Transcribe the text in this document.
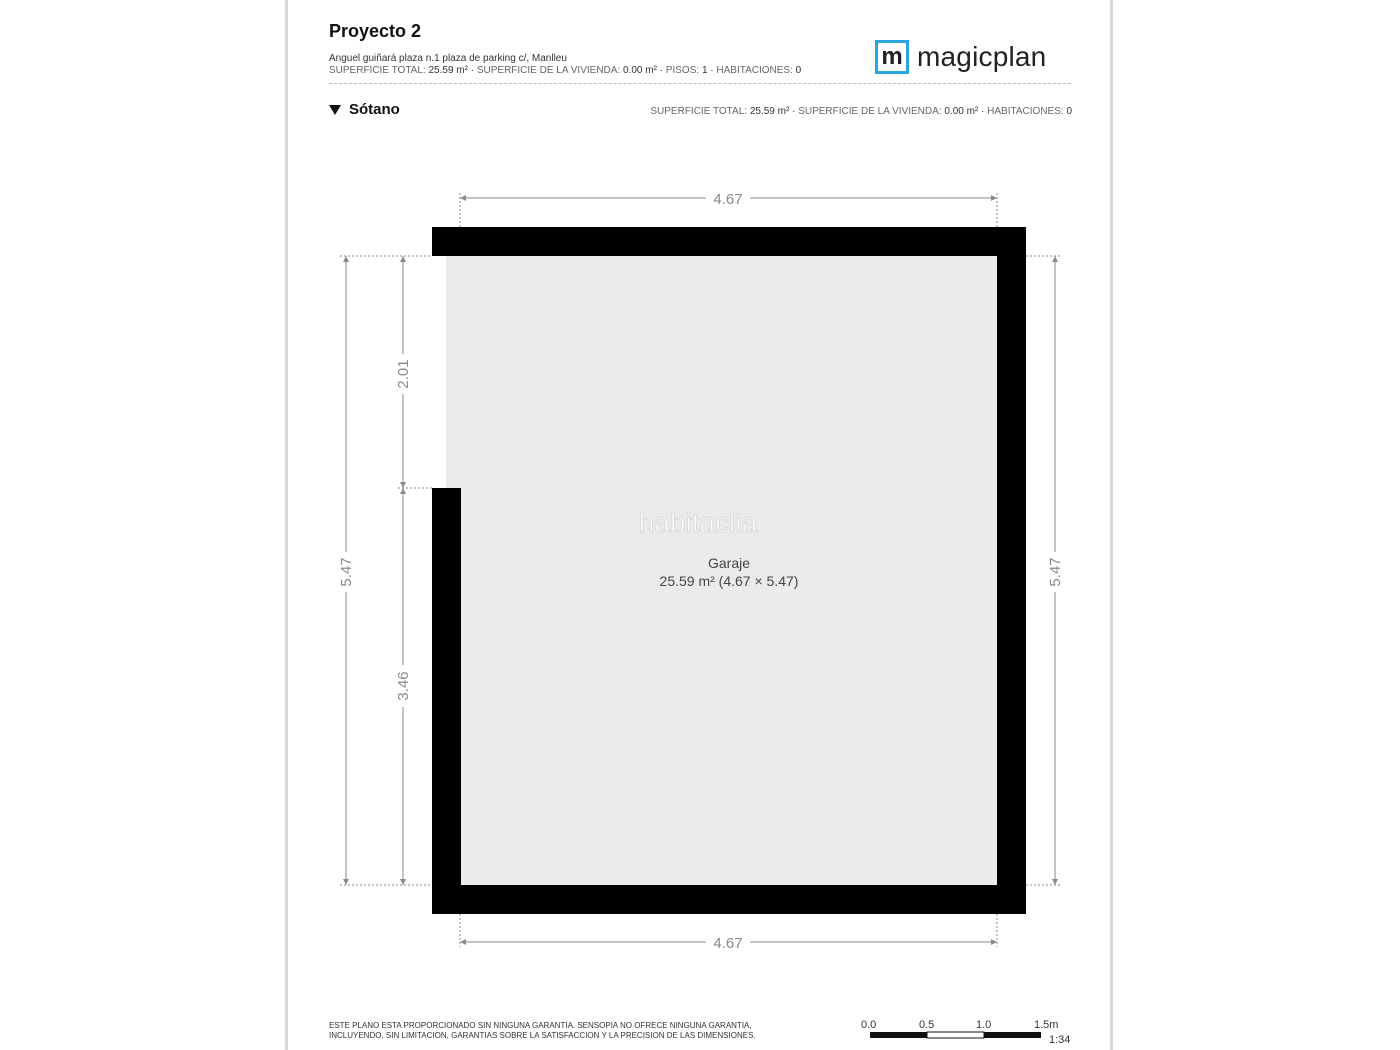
Proyecto 2
Anguel guiñará plaza n.1 plaza de parking c/, Manlleu
SUPERFICIE TOTAL: 25.59 m² · SUPERFICIE DE LA VIVIENDA: 0.00 m² · PISOS: 1 · HABITACIONES: 0
m magicplan
Sótano	SUPERFICIE TOTAL: 25.59 m² · SUPERFICIE DE LA VIVIENDA: 0.00 m² · HABITACIONES: 0
4.67
4.67
5.47
2.01
3.46
5.47
habitaclia
Garaje
25.59 m² (4.67 × 5.47)
ESTE PLANO ESTA PROPORCIONADO SIN NINGUNA GARANTIA. SENSOPIA NO OFRECE NINGUNA GARANTIA,
INCLUYENDO, SIN LIMITACION, GARANTIAS SOBRE LA SATISFACCION Y LA PRECISION DE LAS DIMENSIONES.
0.0	0.5	1.0	1.5m
1:34
